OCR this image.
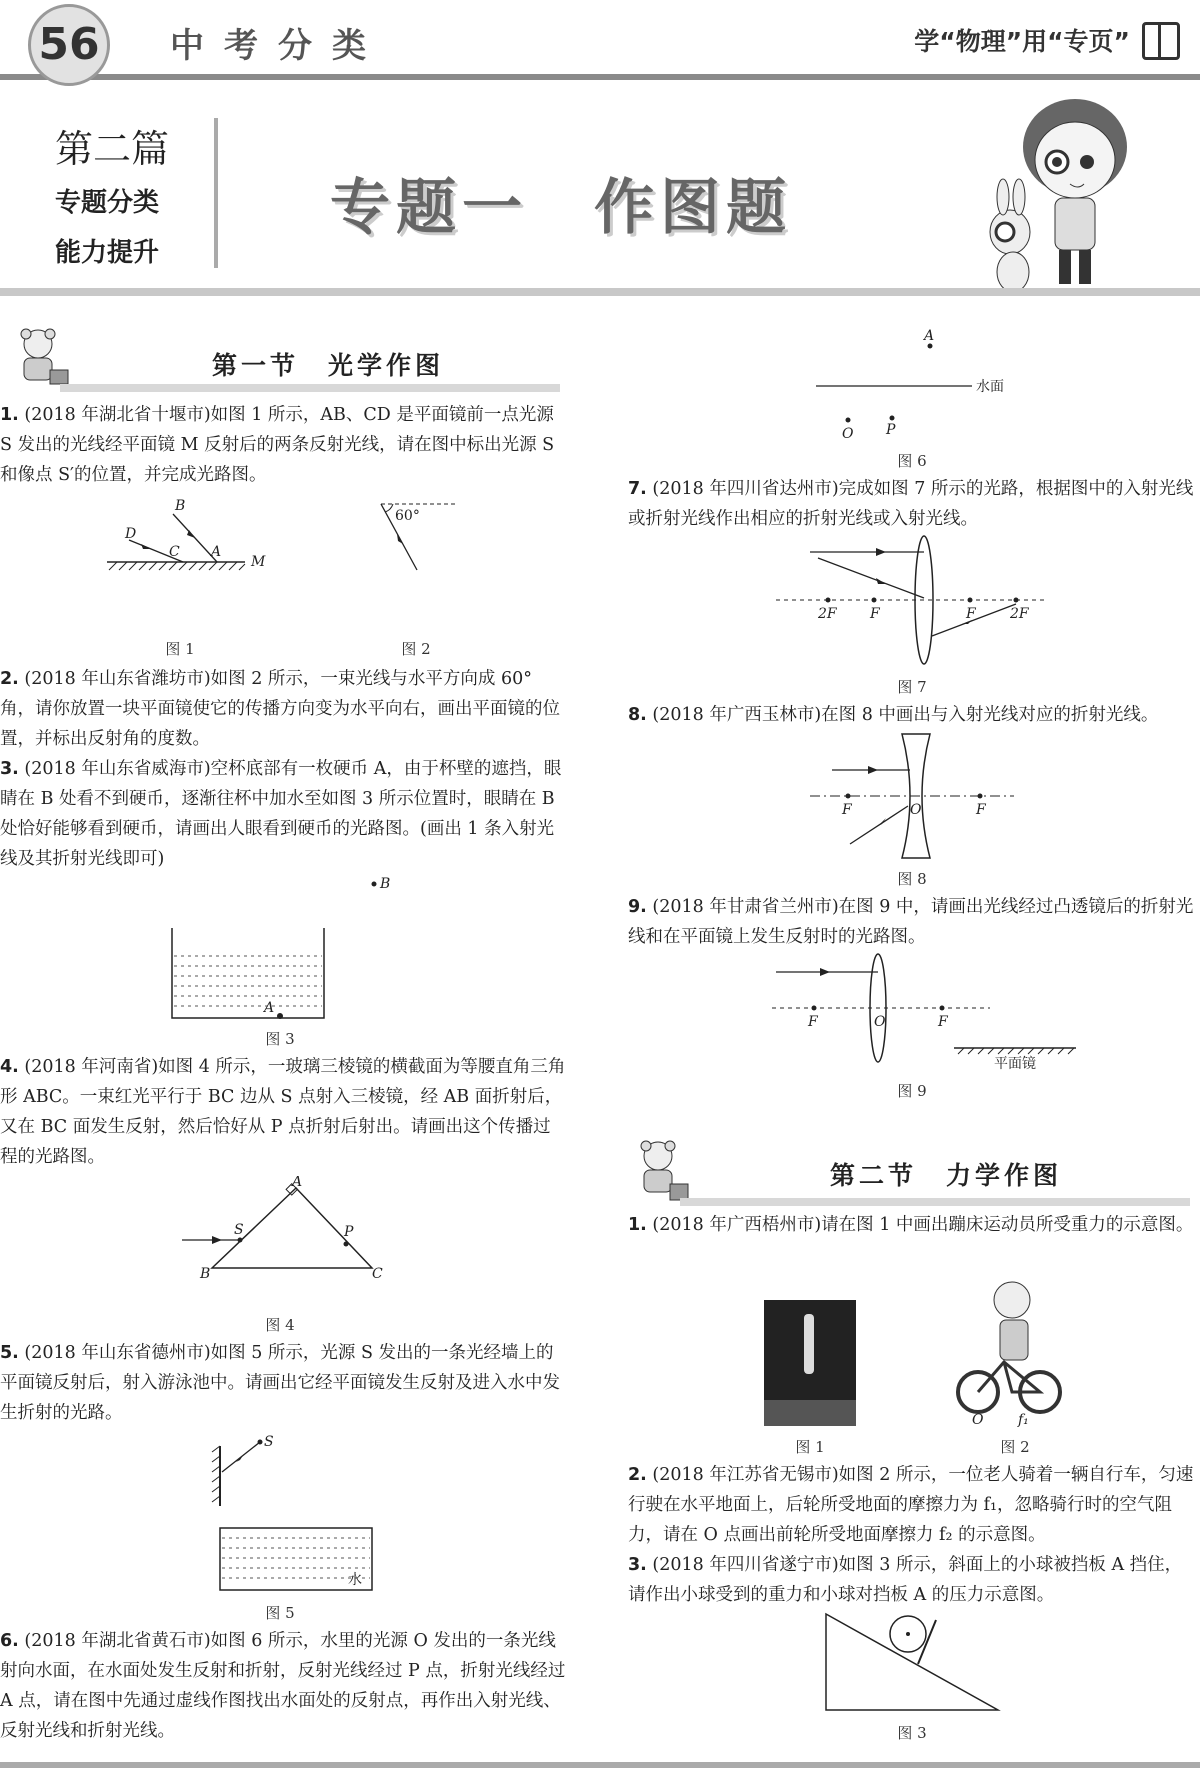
56	中考分类	学“物理”用“专页”
第二篇
专题分类
能力提升
专题一　作图题
第一节　光学作图
1. (2018 年湖北省十堰市)如图 1 所示，AB、CD 是平面镜前一点光源 S 发出的光线经平面镜 M 反射后的两条反射光线，请在图中标出光源 S 和像点 S′的位置，并完成光路图。
B
D
C A
M
60°
图 1	图 2
2. (2018 年山东省潍坊市)如图 2 所示，一束光线与水平方向成 60°角，请你放置一块平面镜使它的传播方向变为水平向右，画出平面镜的位置，并标出反射角的度数。
3. (2018 年山东省威海市)空杯底部有一枚硬币 A，由于杯壁的遮挡，眼睛在 B 处看不到硬币，逐渐往杯中加水至如图 3 所示位置时，眼睛在 B 处恰好能够看到硬币，请画出人眼看到硬币的光路图。(画出 1 条入射光线及其折射光线即可)
B
A
图 3
4. (2018 年河南省)如图 4 所示，一玻璃三棱镜的横截面为等腰直角三角形 ABC。一束红光平行于 BC 边从 S 点射入三棱镜，经 AB 面折射后，又在 BC 面发生反射，然后恰好从 P 点折射后射出。请画出这个传播过程的光路图。
A
B	C
S	P
图 4
5. (2018 年山东省德州市)如图 5 所示，光源 S 发出的一条光经墙上的平面镜反射后，射入游泳池中。请画出它经平面镜发生反射及进入水中发生折射的光路。
S
水
图 5
6. (2018 年湖北省黄石市)如图 6 所示，水里的光源 O 发出的一条光线射向水面，在水面处发生反射和折射，反射光线经过 P 点，折射光线经过 A 点，请在图中先通过虚线作图找出水面处的反射点，再作出入射光线、反射光线和折射光线。
A
水面
O P
图 6
7. (2018 年四川省达州市)完成如图 7 所示的光路，根据图中的入射光线或折射光线作出相应的折射光线或入射光线。
2F F	F 2F
图 7
8. (2018 年广西玉林市)在图 8 中画出与入射光线对应的折射光线。
F	O	F
图 8
9. (2018 年甘肃省兰州市)在图 9 中，请画出光线经过凸透镜后的折射光线和在平面镜上发生反射时的光路图。
F	O	F
平面镜
图 9
第二节　力学作图
1. (2018 年广西梧州市)请在图 1 中画出蹦床运动员所受重力的示意图。
O f₁
图 1	图 2
2. (2018 年江苏省无锡市)如图 2 所示，一位老人骑着一辆自行车，匀速行驶在水平地面上，后轮所受地面的摩擦力为 f₁，忽略骑行时的空气阻力，请在 O 点画出前轮所受地面摩擦力 f₂ 的示意图。
3. (2018 年四川省遂宁市)如图 3 所示，斜面上的小球被挡板 A 挡住，请作出小球受到的重力和小球对挡板 A 的压力示意图。
图 3
